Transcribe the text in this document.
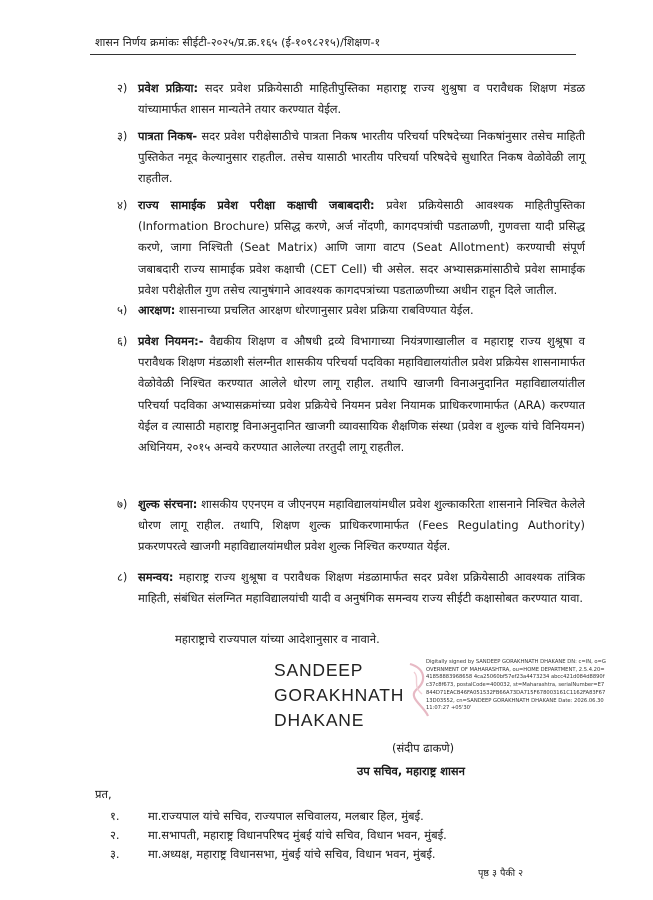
शासन निर्णय क्रमांकः सीईटी-२०२५/प्र.क्र.१६५ (ई-१०९८२१५)/शिक्षण-१
२) प्रवेश प्रक्रिया: सदर प्रवेश प्रक्रियेसाठी माहितीपुस्तिका महाराष्ट्र राज्य शुश्रुषा व परावैधक शिक्षण मंडळ यांच्यामार्फत शासन मान्यतेने तयार करण्यात येईल.
३) पात्रता निकष- सदर प्रवेश परीक्षेसाठीचे पात्रता निकष भारतीय परिचर्या परिषदेच्या निकषांनुसार तसेच माहिती पुस्तिकेत नमूद केल्यानुसार राहतील. तसेच यासाठी भारतीय परिचर्या परिषदेचे सुधारित निकष वेळोवेळी लागू राहतील.
४) राज्य सामाईक प्रवेश परीक्षा कक्षाची जबाबदारी: प्रवेश प्रक्रियेसाठी आवश्यक माहितीपुस्तिका (Information Brochure) प्रसिद्ध करणे, अर्ज नोंदणी, कागदपत्रांची पडताळणी, गुणवत्ता यादी प्रसिद्ध करणे, जागा निश्चिती (Seat Matrix) आणि जागा वाटप (Seat Allotment) करण्याची संपूर्ण जबाबदारी राज्य सामाईक प्रवेश कक्षाची (CET Cell) ची असेल. सदर अभ्यासक्रमांसाठीचे प्रवेश सामाईक प्रवेश परीक्षेतील गुण तसेच त्यानुषंगाने आवश्यक कागदपत्रांच्या पडताळणीच्या अधीन राहून दिले जातील.
५) आरक्षण: शासनाच्या प्रचलित आरक्षण धोरणानुसार प्रवेश प्रक्रिया राबविण्यात येईल.
६) प्रवेश नियमन:- वैद्यकीय शिक्षण व औषधी द्रव्ये विभागाच्या नियंत्रणाखालील व महाराष्ट्र राज्य शुश्रूषा व परावैधक शिक्षण मंडळाशी संलग्नीत शासकीय परिचर्या पदविका महाविद्यालयांतील प्रवेश प्रक्रियेस शासनामार्फत वेळोवेळी निश्चित करण्यात आलेले धोरण लागू राहील. तथापि खाजगी विनाअनुदानित महाविद्यालयांतील परिचर्या पदविका अभ्यासक्रमांच्या प्रवेश प्रक्रियेचे नियमन प्रवेश नियामक प्राधिकरणामार्फत (ARA) करण्यात येईल व त्यासाठी महाराष्ट्र विनाअनुदानित खाजगी व्यावसायिक शैक्षणिक संस्था (प्रवेश व शुल्क यांचे विनियमन) अधिनियम, २०१५ अन्वये करण्यात आलेल्या तरतुदी लागू राहतील.
७) शुल्क संरचना: शासकीय एएनएम व जीएनएम महाविद्यालयांमधील प्रवेश शुल्काकरिता शासनाने निश्चित केलेले धोरण लागू राहील. तथापि, शिक्षण शुल्क प्राधिकरणामार्फत (Fees Regulating Authority) प्रकरणपरत्वे खाजगी महाविद्यालयांमधील प्रवेश शुल्क निश्चित करण्यात येईल.
८) समन्वय: महाराष्ट्र राज्य शुश्रूषा व परावैधक शिक्षण मंडळामार्फत सदर प्रवेश प्रक्रियेसाठी आवश्यक तांत्रिक माहिती, संबंधित संलग्नित महाविद्यालयांची यादी व अनुषंगिक समन्वय राज्य सीईटी कक्षासोबत करण्यात यावा.
महाराष्ट्राचे राज्यपाल यांच्या आदेशानुसार व नावाने.
SANDEEP
GORAKHNATH
DHAKANE
Digitally signed by SANDEEP GORAKHNATH DHAKANE DN: c=IN, o=GOVERNMENT OF MAHARASHTRA, ou=HOME DEPARTMENT, 2.5.4.20=41858883968658 4ca25060bf57ef23a4473234 abcc421d084d8890fc37c8f673, postalCode=400032, st=Maharashtra, serialNumber=E7844D71EACB46FA051532FB66A73DA715F678003161C1162FA83F6713D03552, cn=SANDEEP GORAKHNATH DHAKANE Date: 2026.06.30 11:07:27 +05'30'
(संदीप ढाकणे)
उप सचिव, महाराष्ट्र शासन
प्रत,
१. मा.राज्यपाल यांचे सचिव, राज्यपाल सचिवालय, मलबार हिल, मुंबई.
२. मा.सभापती, महाराष्ट्र विधानपरिषद मुंबई यांचे सचिव, विधान भवन, मुंबई.
३. मा.अध्यक्ष, महाराष्ट्र विधानसभा, मुंबई यांचे सचिव, विधान भवन, मुंबई.
पृष्ठ ३ पैकी २
